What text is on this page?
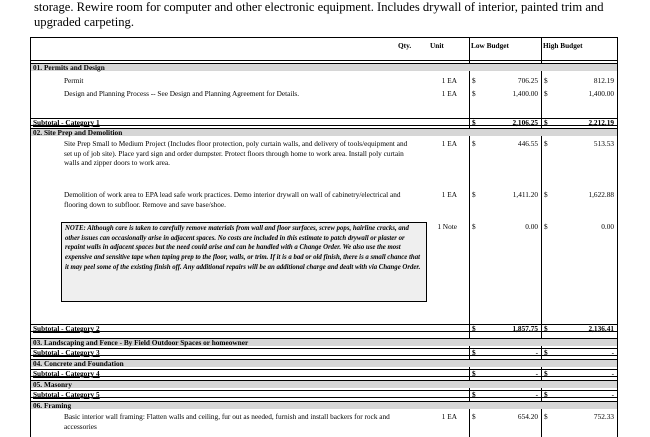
storage. Rewire room for computer and other electronic equipment. Includes drywall of interior, painted trim and upgraded carpeting.
Qty.	Unit	Low Budget	High Budget
01. Permits and Design
Permit	1 EA $	706.25 $	812.19
Design and Planning Process -- See Design and Planning Agreement for Details.	1 EA $	1,400.00 $	1,400.00
Subtotal - Category 1	$	2,106.25 $	2,212.19
02. Site Prep and Demolition
Site Prep Small to Medium Project (Includes floor protection, poly curtain walls, and delivery of tools/equipment and set up of job site). Place yard sign and order dumpster. Protect floors through home to work area. Install poly curtain walls and zipper doors to work area.
1 EA $	446.55 $	513.53
Demolition of work area to EPA lead safe work practices. Demo interior drywall on wall of cabinetry/electrical and flooring down to subfloor. Remove and save base/shoe.
1 EA $	1,411.20 $	1,622.88
NOTE: Although care is taken to carefully remove materials from wall and floor surfaces, screw pops, hairline cracks, and other issues can occasionally arise in adjacent spaces. No costs are included in this estimate to patch drywall or plaster or repaint walls in adjacent spaces but the need could arise and can be handled with a Change Order. We also use the most expensive and sensitive tape when taping prep to the floor, walls, or trim. If it is a bad or old finish, there is a small chance that it may peel some of the existing finish off. Any additional repairs will be an additional charge and dealt with via Change Order.
1 Note $	0.00 $	0.00
Subtotal - Category 2	$	1,857.75 $	2,136.41
03. Landscaping and Fence - By Field Outdoor Spaces or homeowner
Subtotal - Category 3	$	- $	-
04. Concrete and Foundation
Subtotal - Category 4	$	- $	-
05. Masonry
Subtotal - Category 5	$	- $	-
06. Framing
Basic interior wall framing: Flatten walls and ceiling, fur out as needed, furnish and install backers for rock and accessories
1 EA $	654.20 $	752.33
